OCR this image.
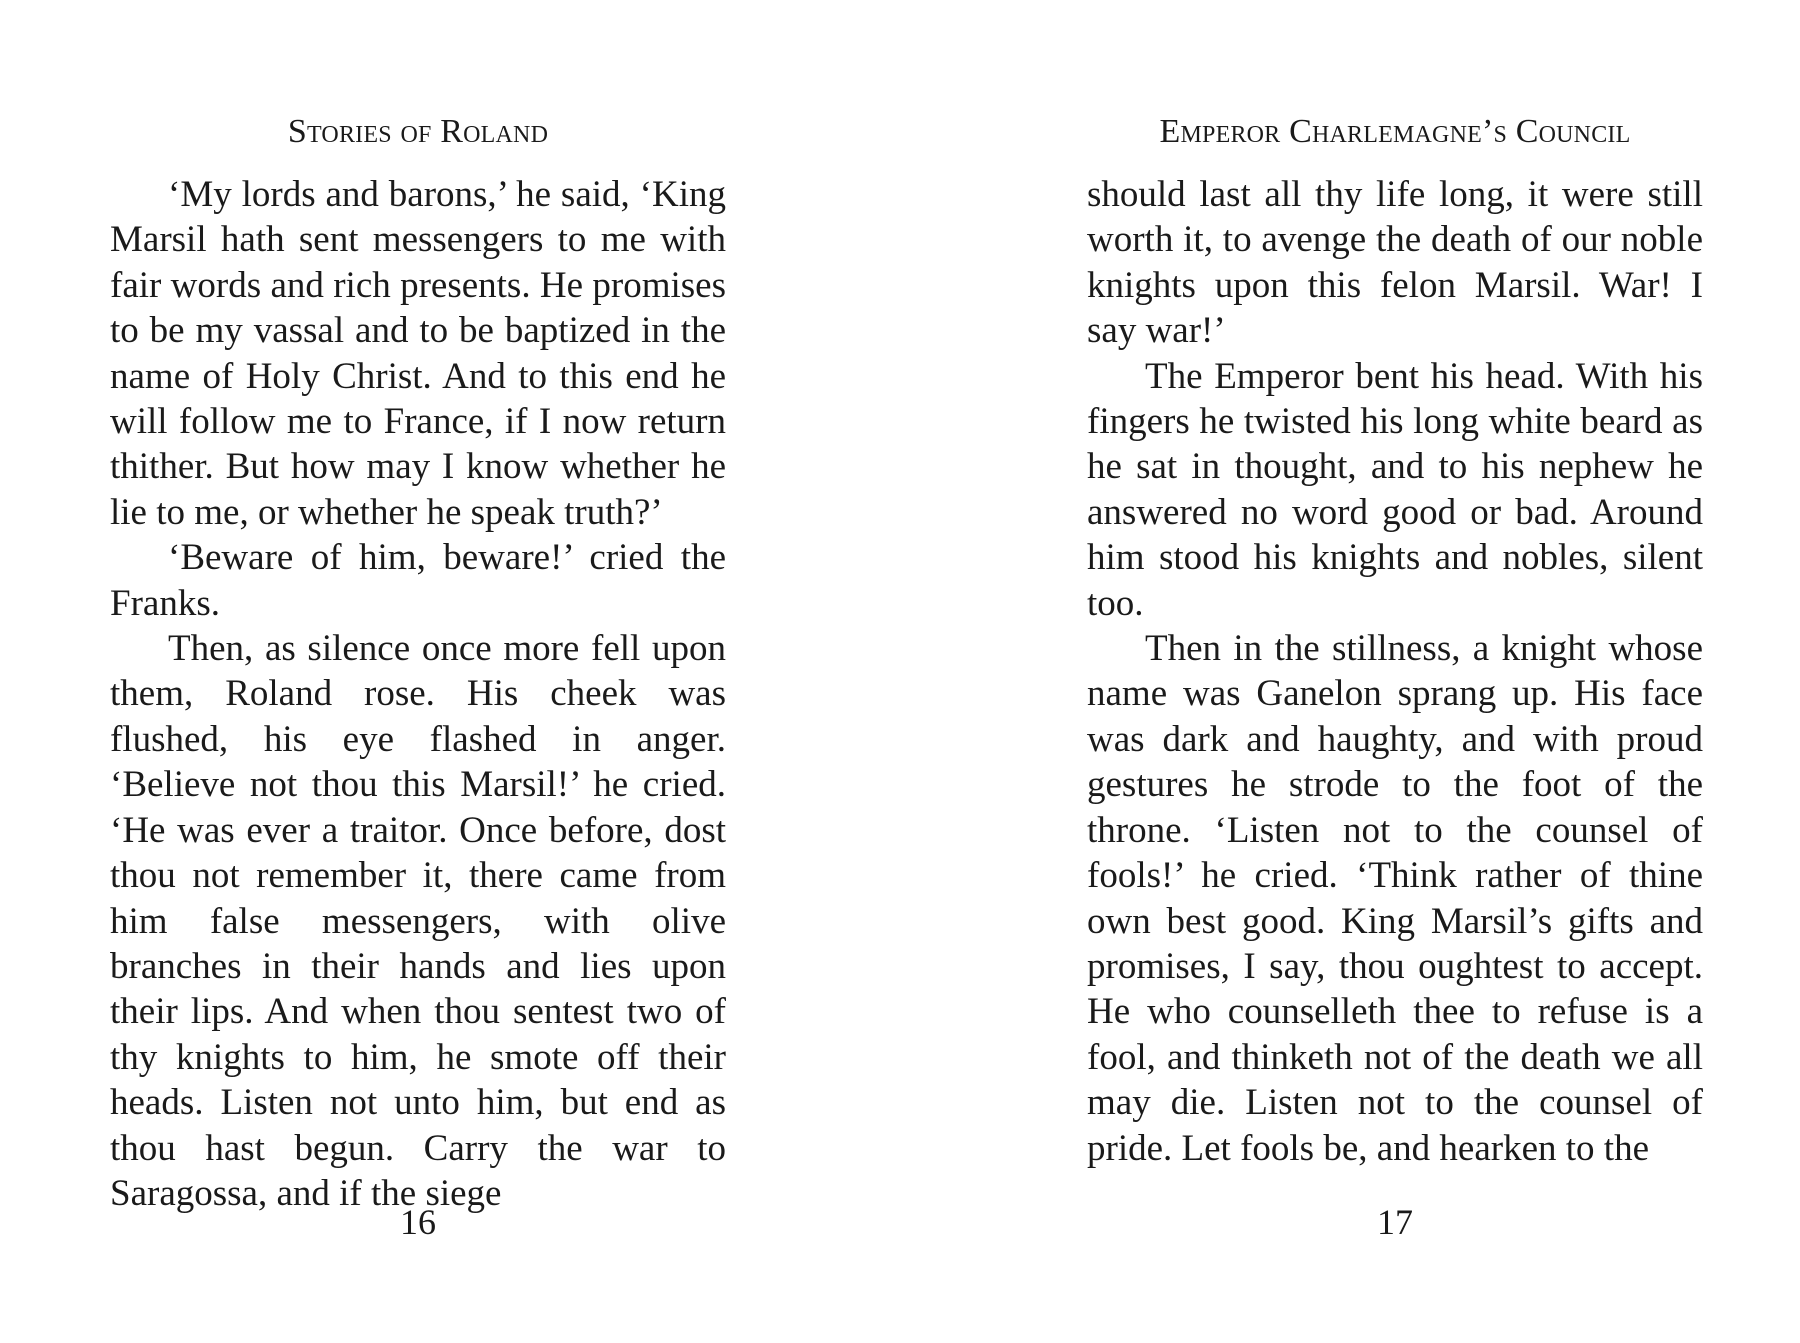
Stories of Roland

‘My lords and barons,’ he said, ‘King Marsil hath sent messengers to me with fair words and rich presents. He promises to be my vassal and to be baptized in the name of Holy Christ. And to this end he will follow me to France, if I now return thither. But how may I know whether he lie to me, or whether he speak truth?’

‘Beware of him, beware!’ cried the Franks.

Then, as silence once more fell upon them, Roland rose. His cheek was flushed, his eye flashed in anger. ‘Believe not thou this Marsil!’ he cried. ‘He was ever a traitor. Once before, dost thou not remember it, there came from him false messengers, with olive branches in their hands and lies upon their lips. And when thou sentest two of thy knights to him, he smote off their heads. Listen not unto him, but end as thou hast begun. Carry the war to Saragossa, and if the siege

16
Emperor Charlemagne’s Council

should last all thy life long, it were still worth it, to avenge the death of our noble knights upon this felon Marsil. War! I say war!’

The Emperor bent his head. With his fingers he twisted his long white beard as he sat in thought, and to his nephew he answered no word good or bad. Around him stood his knights and nobles, silent too.

Then in the stillness, a knight whose name was Ganelon sprang up. His face was dark and haughty, and with proud gestures he strode to the foot of the throne. ‘Listen not to the counsel of fools!’ he cried. ‘Think rather of thine own best good. King Marsil’s gifts and promises, I say, thou oughtest to accept. He who counselleth thee to refuse is a fool, and thinketh not of the death we all may die. Listen not to the counsel of pride. Let fools be, and hearken to the

17
